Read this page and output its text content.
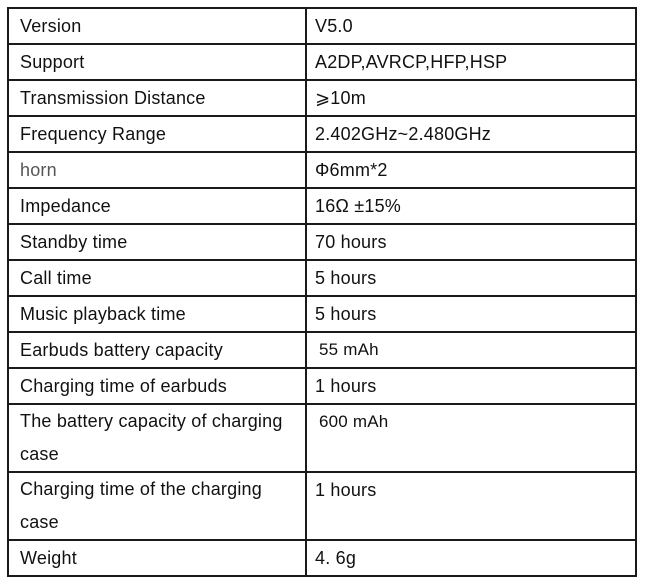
Version	V5.0
Support	A2DP,AVRCP,HFP,HSP
Transmission Distance	⩾10m
Frequency Range	2.402GHz~2.480GHz
horn	Φ6mm*2
Impedance	16Ω ±15%
Standby time	70 hours
Call time	5 hours
Music playback time	5 hours
Earbuds battery capacity	55 mAh
Charging time of earbuds	1 hours
The battery capacity of charging case	600 mAh
Charging time of the charging case	1 hours
Weight	4. 6g
